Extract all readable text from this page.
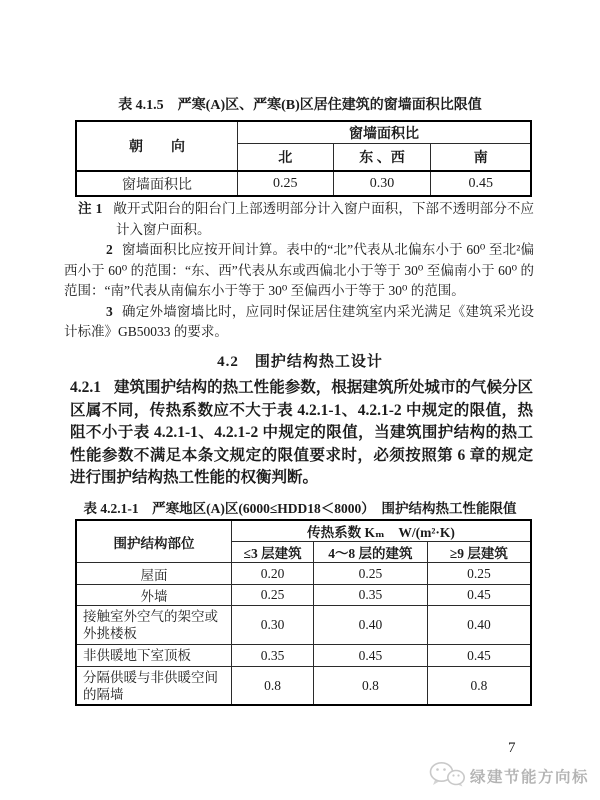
表 4.1.5　严寒(A)区、严寒(B)区居住建筑的窗墙面积比限值
朝　　向	窗墙面积比		
	北	东 、西	南
窗墙面积比	0.25	0.30	0.45

注 1 敞开式阳台的阳台门上部透明部分计入窗户面积，下部不透明部分不应计入窗户面积。

2 窗墙面积比应按开间计算。表中的“北”代表从北偏东小于 60⁰ 至北²偏西小于 60⁰ 的范围：“东、西”代表从东或西偏北小于等于 30⁰ 至偏南小于 60⁰ 的范围：“南”代表从南偏东小于等于 30⁰ 至偏西小于等于 30⁰ 的范围。

3 确定外墙窗墙比时，应同时保证居住建筑室内采光满足《建筑采光设计标准》GB50033 的要求。

4.2　围护结构热工设计
4.2.1 建筑围护结构的热工性能参数，根据建筑所处城市的气候分区区属不同，传热系数应不大于表 4.2.1-1、4.2.1-2 中规定的限值，热阻不小于表 4.2.1-1、4.2.1-2 中规定的限值，当建筑围护结构的热工性能参数不满足本条文规定的限值要求时，必须按照第 6 章的规定进行围护结构热工性能的权衡判断。
表 4.2.1-1　严寒地区(A)区(6000≤HDD18＜8000）　围护结构热工性能限值
围护结构部位	传热系数 Kₘ　W/(m²·K)		
	≤3 层建筑	4～8 层的建筑	≥9 层建筑
屋面	0.20	0.25	0.25
外墙	0.25	0.35	0.45
接触室外空气的架空或外挑楼板	0.30	0.40	0.40
非供暖地下室顶板	0.35	0.45	0.45
分隔供暖与非供暖空间的隔墙	0.8	0.8	0.8
7
绿建节能方向标
